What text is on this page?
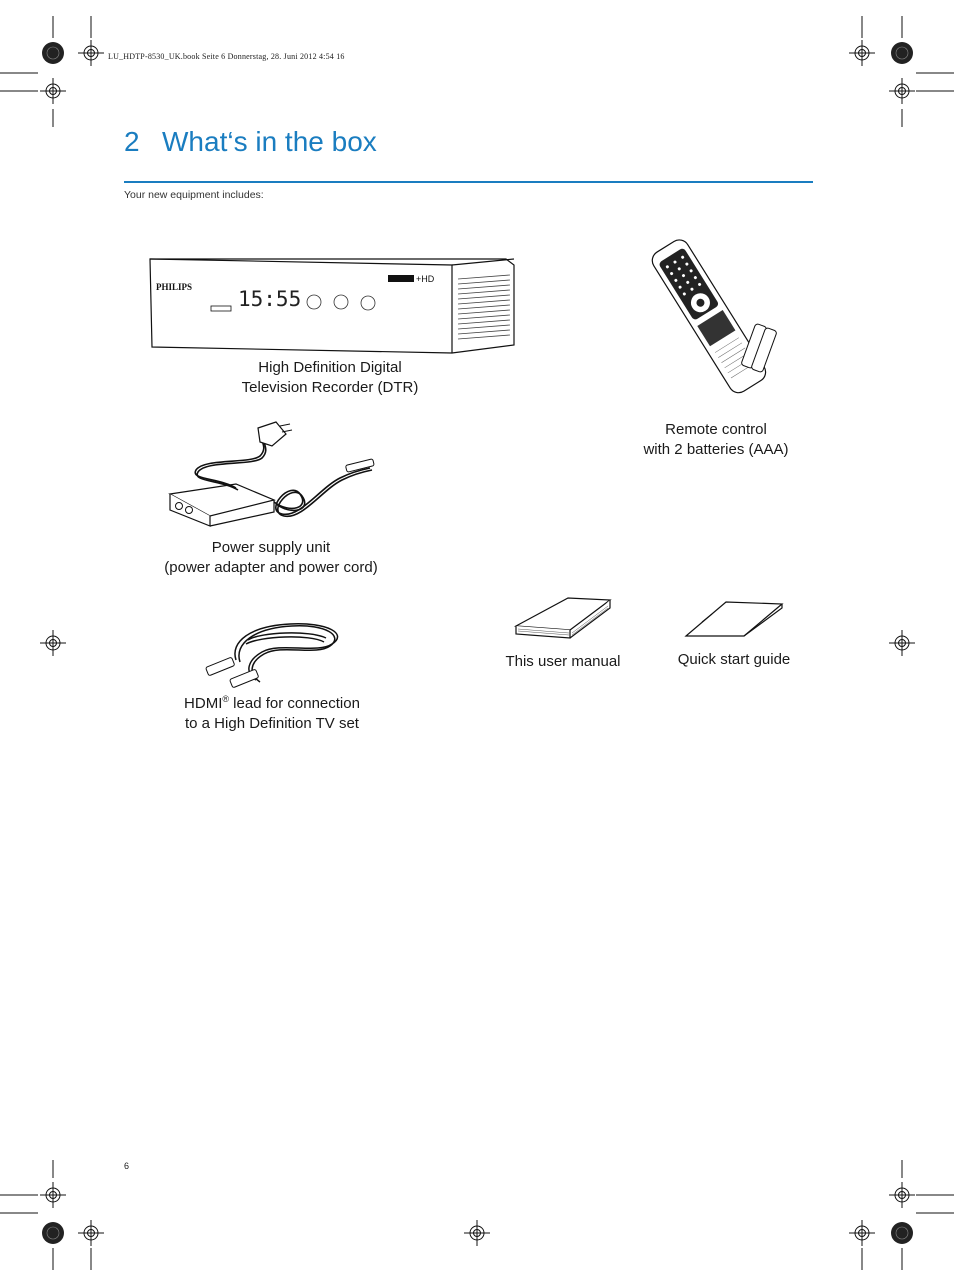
LU_HDTP-8530_UK.book Seite 6 Donnerstag, 28. Juni 2012 4:54 16
2 What‘s in the box
Your new equipment includes:
PHILIPS 15:55
+HD
High Definition Digital
Television Recorder (DTR)
Remote control
with 2 batteries (AAA)
Power supply unit
(power adapter and power cord)
HDMI® lead for connection
to a High Definition TV set
This user manual	Quick start guide
6
